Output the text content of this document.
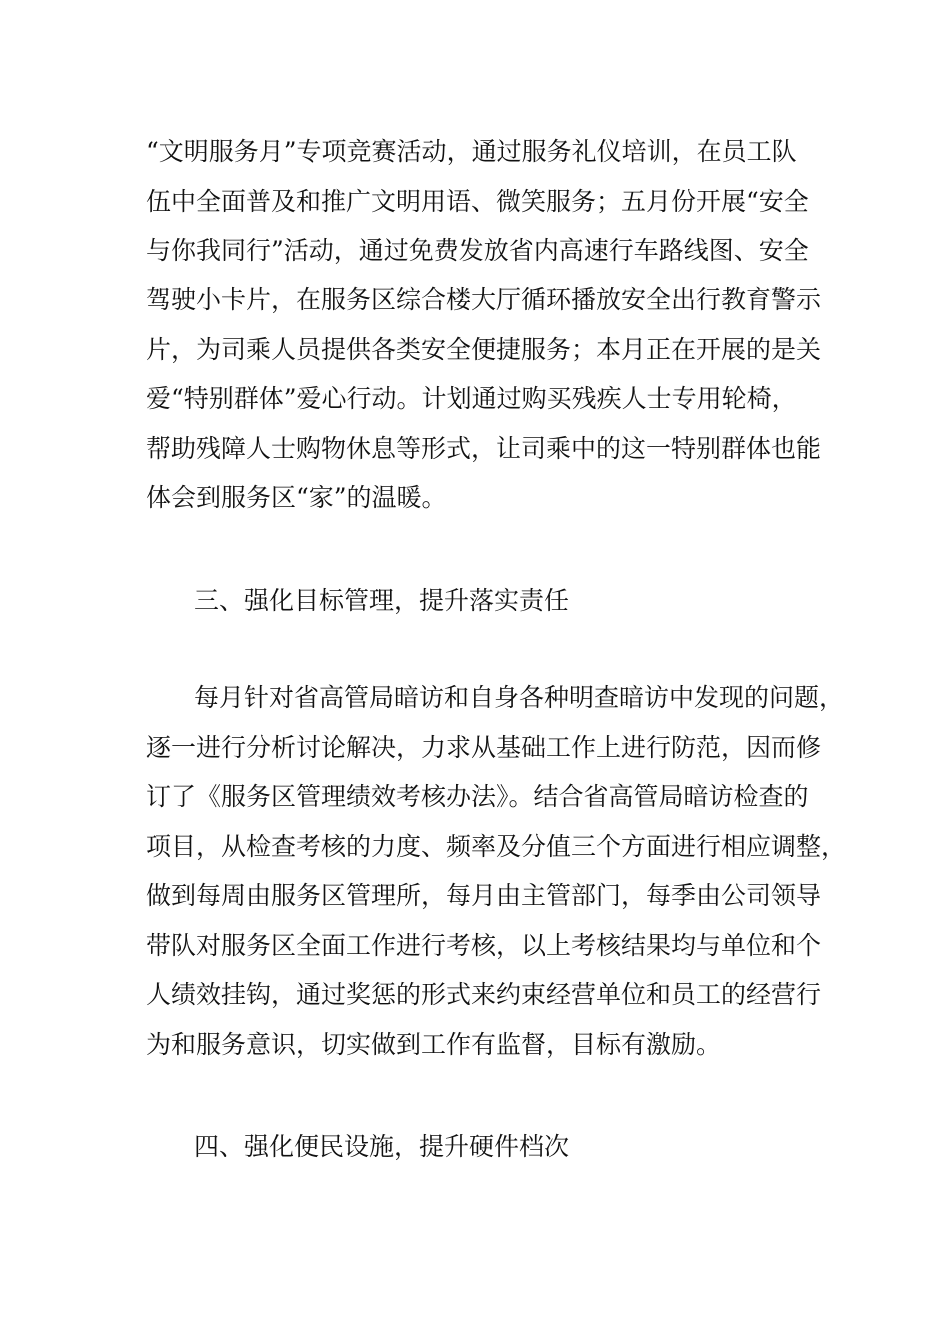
“文明服务月”专项竞赛活动，通过服务礼仪培训，在员工队
伍中全面普及和推广文明用语、微笑服务；五月份开展“安全
与你我同行”活动，通过免费发放省内高速行车路线图、安全
驾驶小卡片，在服务区综合楼大厅循环播放安全出行教育警示
片，为司乘人员提供各类安全便捷服务；本月正在开展的是关
爱“特别群体”爱心行动。计划通过购买残疾人士专用轮椅，
帮助残障人士购物休息等形式，让司乘中的这一特别群体也能
体会到服务区“家”的温暖。
三、强化目标管理，提升落实责任
每月针对省高管局暗访和自身各种明查暗访中发现的问题，
逐一进行分析讨论解决，力求从基础工作上进行防范，因而修
订了《服务区管理绩效考核办法》。结合省高管局暗访检查的
项目，从检查考核的力度、频率及分值三个方面进行相应调整，
做到每周由服务区管理所，每月由主管部门，每季由公司领导
带队对服务区全面工作进行考核，以上考核结果均与单位和个
人绩效挂钩，通过奖惩的形式来约束经营单位和员工的经营行
为和服务意识，切实做到工作有监督，目标有激励。
四、强化便民设施，提升硬件档次
